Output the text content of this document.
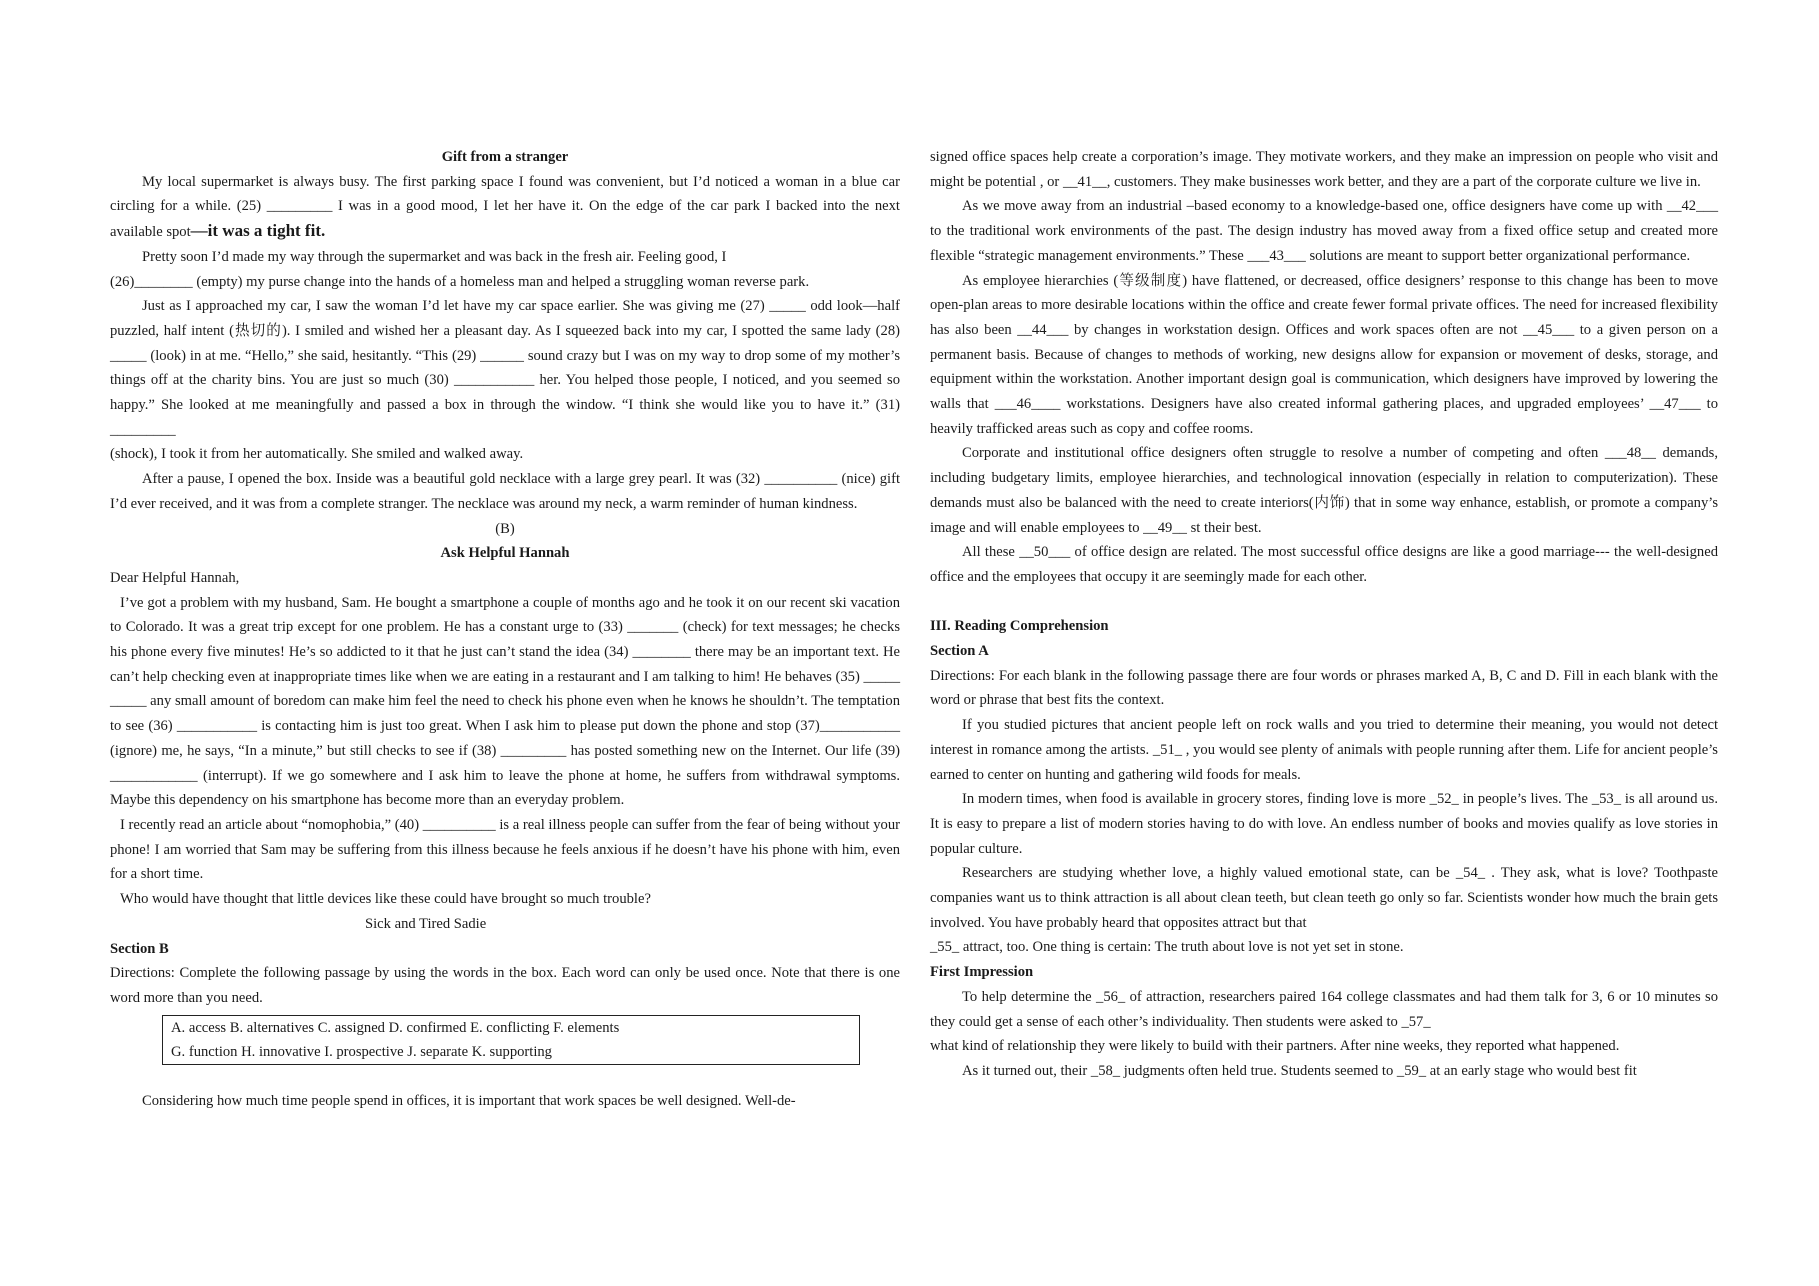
Gift from a stranger

My local supermarket is always busy. The first parking space I found was convenient, but I’d noticed a woman in a blue car circling for a while. (25) _________ I was in a good mood, I let her have it. On the edge of the car park I backed into the next available spot—it was a tight fit.

Pretty soon I’d made my way through the supermarket and was back in the fresh air. Feeling good, I

(26)________ (empty) my purse change into the hands of a homeless man and helped a struggling woman reverse park.

Just as I approached my car, I saw the woman I’d let have my car space earlier. She was giving me (27) _____ odd look—half puzzled, half intent (热切的). I smiled and wished her a pleasant day. As I squeezed back into my car, I spotted the same lady (28) _____ (look) in at me. “Hello,” she said, hesitantly. “This (29) ______ sound crazy but I was on my way to drop some of my mother’s things off at the charity bins. You are just so much (30) ___________ her. You helped those people, I noticed, and you seemed so happy.” She looked at me meaningfully and passed a box in through the window. “I think she would like you to have it.” (31) _________

(shock), I took it from her automatically. She smiled and walked away.

After a pause, I opened the box. Inside was a beautiful gold necklace with a large grey pearl. It was (32) __________ (nice) gift I’d ever received, and it was from a complete stranger. The necklace was around my neck, a warm reminder of human kindness.

(B)

Ask Helpful Hannah

Dear Helpful Hannah,

I’ve got a problem with my husband, Sam. He bought a smartphone a couple of months ago and he took it on our recent ski vacation to Colorado. It was a great trip except for one problem. He has a constant urge to (33) _______ (check) for text messages; he checks his phone every five minutes! He’s so addicted to it that he just can’t stand the idea (34) ________ there may be an important text. He can’t help checking even at inappropriate times like when we are eating in a restaurant and I am talking to him! He behaves (35) _____ _____ any small amount of boredom can make him feel the need to check his phone even when he knows he shouldn’t. The temptation to see (36) ___________ is contacting him is just too great. When I ask him to please put down the phone and stop (37)___________ (ignore) me, he says, “In a minute,” but still checks to see if (38) _________ has posted something new on the Internet. Our life (39) ____________ (interrupt). If we go somewhere and I ask him to leave the phone at home, he suffers from withdrawal symptoms. Maybe this dependency on his smartphone has become more than an everyday problem.

I recently read an article about “nomophobia,” (40) __________ is a real illness people can suffer from the fear of being without your phone! I am worried that Sam may be suffering from this illness because he feels anxious if he doesn’t have his phone with him, even for a short time.

Who would have thought that little devices like these could have brought so much trouble?

Sick and Tired Sadie

Section B

Directions: Complete the following passage by using the words in the box. Each word can only be used once. Note that there is one word more than you need.

A. access B. alternatives C. assigned D. confirmed E. conflicting F. elements
G. function H. innovative I. prospective J. separate K. supporting

Considering how much time people spend in offices, it is important that work spaces be well designed. Well-de-

signed office spaces help create a corporation’s image. They motivate workers, and they make an impression on people who visit and might be potential , or __41__, customers. They make businesses work better, and they are a part of the corporate culture we live in.

As we move away from an industrial –based economy to a knowledge-based one, office designers have come up with __42___ to the traditional work environments of the past. The design industry has moved away from a fixed office setup and created more flexible “strategic management environments.” These ___43___ solutions are meant to support better organizational performance.

As employee hierarchies (等级制度) have flattened, or decreased, office designers’ response to this change has been to move open-plan areas to more desirable locations within the office and create fewer formal private offices. The need for increased flexibility has also been __44___ by changes in workstation design. Offices and work spaces often are not __45___ to a given person on a permanent basis. Because of changes to methods of working, new designs allow for expansion or movement of desks, storage, and equipment within the workstation. Another important design goal is communication, which designers have improved by lowering the walls that ___46____ workstations. Designers have also created informal gathering places, and upgraded employees’ __47___ to heavily trafficked areas such as copy and coffee rooms.

Corporate and institutional office designers often struggle to resolve a number of competing and often ___48__ demands, including budgetary limits, employee hierarchies, and technological innovation (especially in relation to computerization). These demands must also be balanced with the need to create interiors(内饰) that in some way enhance, establish, or promote a company’s image and will enable employees to __49__ st their best.

All these __50___ of office design are related. The most successful office designs are like a good marriage--- the well-designed office and the employees that occupy it are seemingly made for each other.

III. Reading Comprehension

Section A

Directions: For each blank in the following passage there are four words or phrases marked A, B, C and D. Fill in each blank with the word or phrase that best fits the context.

If you studied pictures that ancient people left on rock walls and you tried to determine their meaning, you would not detect interest in romance among the artists. _51_ , you would see plenty of animals with people running after them. Life for ancient people’s earned to center on hunting and gathering wild foods for meals.

In modern times, when food is available in grocery stores, finding love is more _52_ in people’s lives. The _53_ is all around us. It is easy to prepare a list of modern stories having to do with love. An endless number of books and movies qualify as love stories in popular culture.

Researchers are studying whether love, a highly valued emotional state, can be _54_ . They ask, what is love? Toothpaste companies want us to think attraction is all about clean teeth, but clean teeth go only so far. Scientists wonder how much the brain gets involved. You have probably heard that opposites attract but that

_55_ attract, too. One thing is certain: The truth about love is not yet set in stone.

First Impression

To help determine the _56_ of attraction, researchers paired 164 college classmates and had them talk for 3, 6 or 10 minutes so they could get a sense of each other’s individuality. Then students were asked to _57_

what kind of relationship they were likely to build with their partners. After nine weeks, they reported what happened.

As it turned out, their _58_ judgments often held true. Students seemed to _59_ at an early stage who would best fit
